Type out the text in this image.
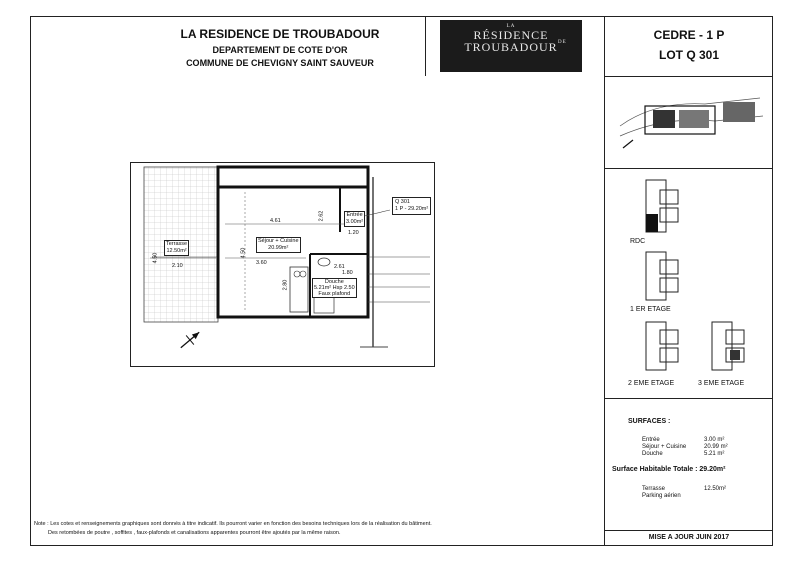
LA RESIDENCE DE TROUBADOUR
DEPARTEMENT DE COTE D'OR
COMMUNE DE CHEVIGNY SAINT SAUVEUR
LA
RÉSIDENCE
TROUBADOUR DE
CEDRE - 1 P
LOT Q 301
RDC
1 ER ETAGE
2 EME ETAGE	3 EME ETAGE
SURFACES :
Entrée	3.00 m²
Séjour + Cuisine	20.99 m²
Douche	5.21 m²
Surface Habitable Totale : 29.20m²
Terrasse	12.50m²
Parking aérien
MISE A JOUR JUIN 2017
Q 301
1 P - 29.20m²
Entrée
3.00m²
Séjour + Cuisine
20.99m²
Terrasse
12.50m²
Douche
5.21m² Hsp 2.50
Faux plafond
4.61	2.62
1.20
3.60
2.61
4.50
2.80
4.50
2.10
1.80
Note : Les cotes et renseignements graphiques sont donnés à titre indicatif. Ils pourront varier en fonction des besoins techniques lors de la réalisation du bâtiment.
Des retombées de poutre , soffites , faux-plafonds et canalisations apparentes pourront être ajoutés par la même raison.
